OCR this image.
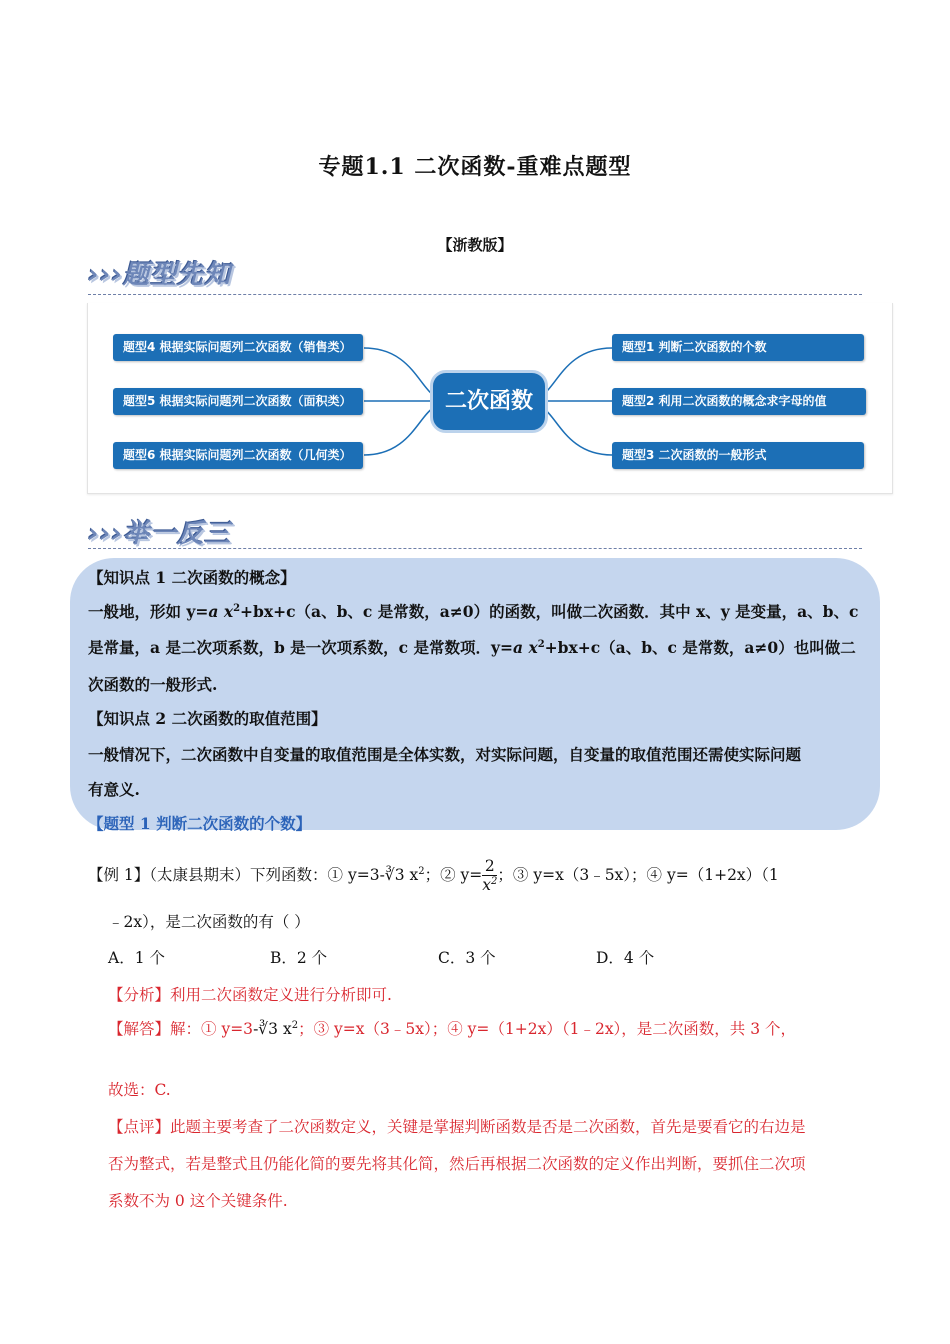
专题1.1 二次函数-重难点题型
【浙教版】
›››题型先知
题型4 根据实际问题列二次函数（销售类）
题型5 根据实际问题列二次函数（面积类）
题型6 根据实际问题列二次函数（几何类）
二次函数
题型1 判断二次函数的个数
题型2 利用二次函数的概念求字母的值
题型3 二次函数的一般形式
›››举一反三
【知识点 1 二次函数的概念】
一般地，形如 y=a $x^2+bx+c(a$、b、c 是常数，a≠0）的函数，叫做二次函数．其中 x、y 是变量，a、b、c
是常量，a 是二次项系数，b 是一次项系数，c 是常数项．y=a $x^2+bx+c(a$、b、c 是常数，a≠0）也叫做二
次函数的一般形式.
【知识点 2 二次函数的取值范围】
一般情况下，二次函数中自变量的取值范围是全体实数，对实际问题，自变量的取值范围还需使实际问题
有意义.
【题型 1 判断二次函数的个数】
【例 1】（太康县期末）下列函数：① y=3-∛3 $x^2$；② $y= \frac{2}{x^2}$ ；③ y=x（3﹣5x）；④ y=（1+2x）（1
﹣2x），是二次函数的有（ ）
A．1 个	B．2 个	C．3 个	D．4 个
【分析】利用二次函数定义进行分析即可.
【解答】解：① y=3-∛3 $x^2$；③ y=x（3﹣5x）；④ y=（1+2x）（1﹣2x），是二次函数，共 3 个，
故选：C.
【点评】此题主要考查了二次函数定义，关键是掌握判断函数是否是二次函数，首先是要看它的右边是
否为整式，若是整式且仍能化简的要先将其化简，然后再根据二次函数的定义作出判断，要抓住二次项
系数不为 0 这个关键条件.
